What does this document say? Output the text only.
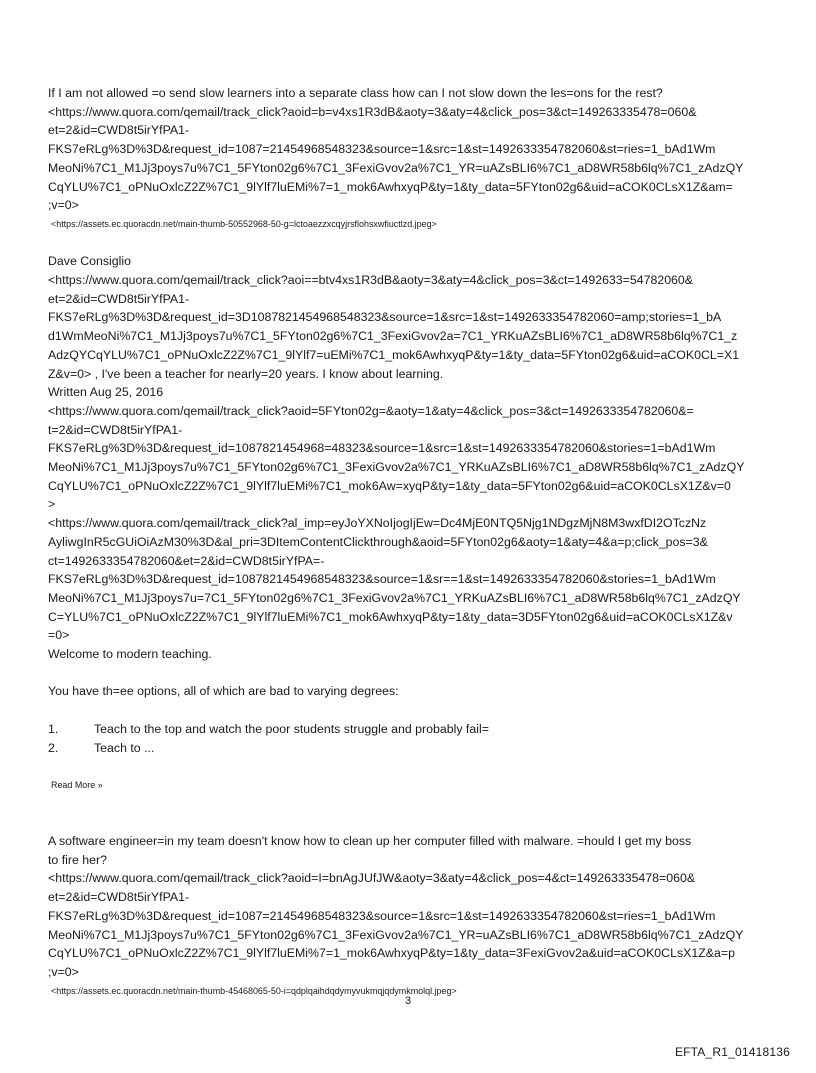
If I am not allowed =o send slow learners into a separate class how can I not slow down the les=ons for the rest?
<https://www.quora.com/qemail/track_click?aoid=b=v4xs1R3dB&aoty=3&aty=4&click_pos=3&ct=149263335478=060&
et=2&id=CWD8t5irYfPA1-
FKS7eRLg%3D%3D&request_id=1087=21454968548323&source=1&src=1&st=1492633354782060&st=ries=1_bAd1Wm
MeoNi%7C1_M1Jj3poys7u%7C1_5FYton02g6%7C1_3FexiGvov2a%7C1_YR=uAZsBLI6%7C1_aD8WR58b6lq%7C1_zAdzQY
CqYLU%7C1_oPNuOxlcZ2Z%7C1_9lYlf7luEMi%7=1_mok6AwhxyqP&ty=1&ty_data=5FYton02g6&uid=aCOK0CLsX1Z&am=
;v=0>
<https://assets.ec.quoracdn.net/main-thumb-50552968-50-g=lctoaezzxcqyjrsflohsxwfiuctlzd.jpeg>
Dave Consiglio
<https://www.quora.com/qemail/track_click?aoi==btv4xs1R3dB&aoty=3&aty=4&click_pos=3&ct=1492633=54782060&
et=2&id=CWD8t5irYfPA1-
FKS7eRLg%3D%3D&request_id=3D1087821454968548323&source=1&src=1&st=1492633354782060=amp;stories=1_bA
d1WmMeoNi%7C1_M1Jj3poys7u%7C1_5FYton02g6%7C1_3FexiGvov2a=7C1_YRKuAZsBLI6%7C1_aD8WR58b6lq%7C1_z
AdzQYCqYLU%7C1_oPNuOxlcZ2Z%7C1_9lYlf7=uEMi%7C1_mok6AwhxyqP&ty=1&ty_data=5FYton02g6&uid=aCOK0CL=X1
Z&v=0> , I've been a teacher for nearly=20 years. I know about learning.
Written Aug 25, 2016
<https://www.quora.com/qemail/track_click?aoid=5FYton02g=&aoty=1&aty=4&click_pos=3&ct=1492633354782060&=
t=2&id=CWD8t5irYfPA1-
FKS7eRLg%3D%3D&request_id=1087821454968=48323&source=1&src=1&st=1492633354782060&stories=1=bAd1Wm
MeoNi%7C1_M1Jj3poys7u%7C1_5FYton02g6%7C1_3FexiGvov2a%7C1_YRKuAZsBLI6%7C1_aD8WR58b6lq%7C1_zAdzQY
CqYLU%7C1_oPNuOxlcZ2Z%7C1_9lYlf7luEMi%7C1_mok6Aw=xyqP&ty=1&ty_data=5FYton02g6&uid=aCOK0CLsX1Z&v=0
>
<https://www.quora.com/qemail/track_click?al_imp=eyJoYXNoIjogIjEw=Dc4MjE0NTQ5Njg1NDgzMjN8M3wxfDI2OTczNz
AyliwgInR5cGUiOiAzM30%3D&al_pri=3DItemContentClickthrough&aoid=5FYton02g6&aoty=1&aty=4&a=p;click_pos=3&
ct=1492633354782060&et=2&id=CWD8t5irYfPA=-
FKS7eRLg%3D%3D&request_id=1087821454968548323&source=1&sr==1&st=1492633354782060&stories=1_bAd1Wm
MeoNi%7C1_M1Jj3poys7u=7C1_5FYton02g6%7C1_3FexiGvov2a%7C1_YRKuAZsBLI6%7C1_aD8WR58b6lq%7C1_zAdzQY
C=YLU%7C1_oPNuOxlcZ2Z%7C1_9lYlf7luEMi%7C1_mok6AwhxyqP&ty=1&ty_data=3D5FYton02g6&uid=aCOK0CLsX1Z&v
=0>
Welcome to modern teaching.
You have th=ee options, all of which are bad to varying degrees:
1.	Teach to the top and watch the poor students struggle and probably fail=
2.	Teach to ...
Read More »
A software engineer=in my team doesn't know how to clean up her computer filled with malware. =hould I get my boss
to fire her?
<https://www.quora.com/qemail/track_click?aoid=I=bnAgJUfJW&aoty=3&aty=4&click_pos=4&ct=149263335478=060&
et=2&id=CWD8t5irYfPA1-
FKS7eRLg%3D%3D&request_id=1087=21454968548323&source=1&src=1&st=1492633354782060&st=ries=1_bAd1Wm
MeoNi%7C1_M1Jj3poys7u%7C1_5FYton02g6%7C1_3FexiGvov2a%7C1_YR=uAZsBLI6%7C1_aD8WR58b6lq%7C1_zAdzQY
CqYLU%7C1_oPNuOxlcZ2Z%7C1_9lYlf7luEMi%7=1_mok6AwhxyqP&ty=1&ty_data=3FexiGvov2a&uid=aCOK0CLsX1Z&a=p
;v=0>
<https://assets.ec.quoracdn.net/main-thumb-45468065-50-i=qdplqaihdqdymyvukmqjqdymkmolql.jpeg>
3
EFTA_R1_01418136
